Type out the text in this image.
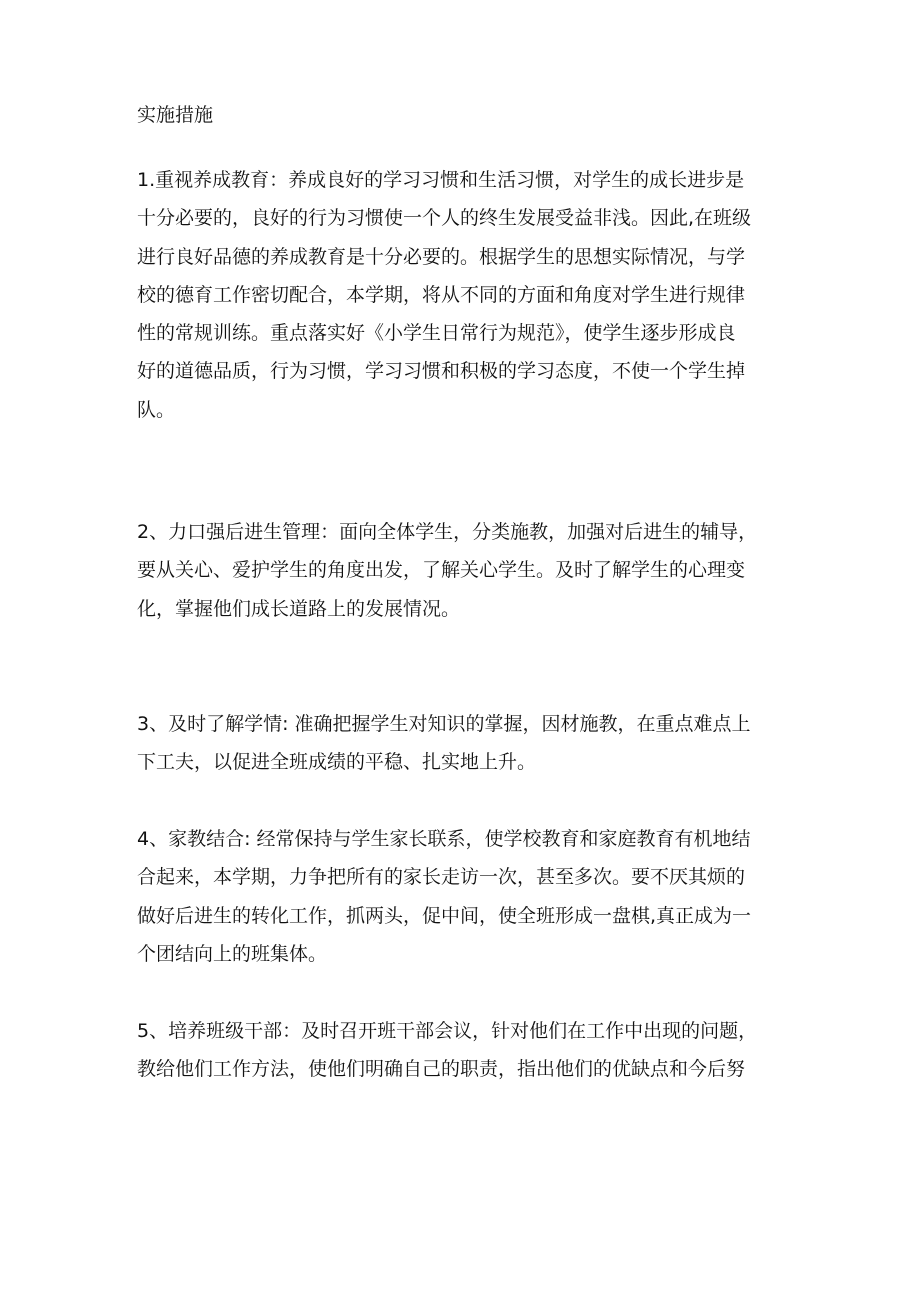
实施措施

1.重视养成教育：养成良好的学习习惯和生活习惯，对学生的成长进步是
十分必要的，良好的行为习惯使一个人的终生发展受益非浅。因此,在班级
进行良好品德的养成教育是十分必要的。根据学生的思想实际情况，与学
校的德育工作密切配合，本学期，将从不同的方面和角度对学生进行规律
性的常规训练。重点落实好《小学生日常行为规范》，使学生逐步形成良
好的道德品质，行为习惯，学习习惯和积极的学习态度，不使一个学生掉
队。

2、力口强后进生管理：面向全体学生，分类施教，加强对后进生的辅导，
要从关心、爱护学生的角度出发，了解关心学生。及时了解学生的心理变
化，掌握他们成长道路上的发展情况。

3、及时了解学情: 准确把握学生对知识的掌握，因材施教，在重点难点上
下工夫，以促进全班成绩的平稳、扎实地上升。

4、家教结合: 经常保持与学生家长联系，使学校教育和家庭教育有机地结
合起来，本学期，力争把所有的家长走访一次，甚至多次。要不厌其烦的
做好后进生的转化工作，抓两头，促中间，使全班形成一盘棋,真正成为一
个团结向上的班集体。

5、培养班级干部：及时召开班干部会议，针对他们在工作中出现的问题，
教给他们工作方法，使他们明确自己的职责，指出他们的优缺点和今后努
